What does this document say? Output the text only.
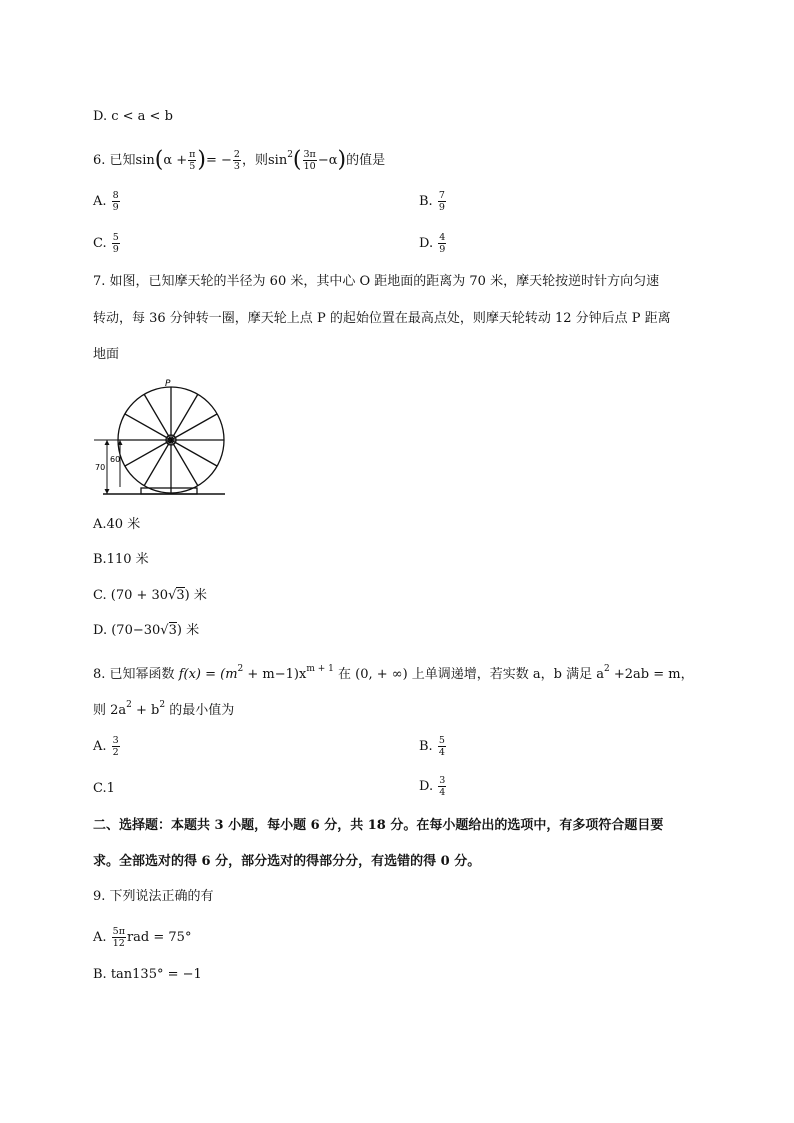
D. c < a < b
6. 已知$\sin(\alpha + \frac{\pi}{5}$ )= − $\frac{2}{3}$ ，则$\sin^2( \frac{3\pi}{10} -\alpha)$的值是
A. $\frac{8}{9}$	B. $\frac{7}{9}$
C. $\frac{5}{9}$	D. $\frac{4}{9}$
7. 如图，已知摩天轮的半径为 60 米，其中心 O 距地面的距离为 70 米，摩天轮按逆时针方向匀速
转动，每 36 分钟转一圈，摩天轮上点 P 的起始位置在最高点处，则摩天轮转动 12 分钟后点 P 距离
地面
P
O
70
60
A.40 米
B.110 米
C. (70 + 30√3) 米
D. (70−30√3) 米
8. 已知幂函数 $f(x) = (m^2 + m-1)x^{m + 1}$ 在 (0, + ∞) 上单调递增，若实数 a，b 满足 $a^2 +2ab = m$，
则 $2a^2 + b^2$ 的最小值为
A. $\frac{3}{2}$	B. $\frac{5}{4}$
C.1	D. $\frac{3}{4}$
二、选择题：本题共 3 小题，每小题 6 分，共 18 分。在每小题给出的选项中，有多项符合题目要
求。全部选对的得 6 分，部分选对的得部分分，有选错的得 0 分。
9. 下列说法正确的有
A. $\frac{5\pi}{12}$ rad = 75°
B. tan135° = −1
